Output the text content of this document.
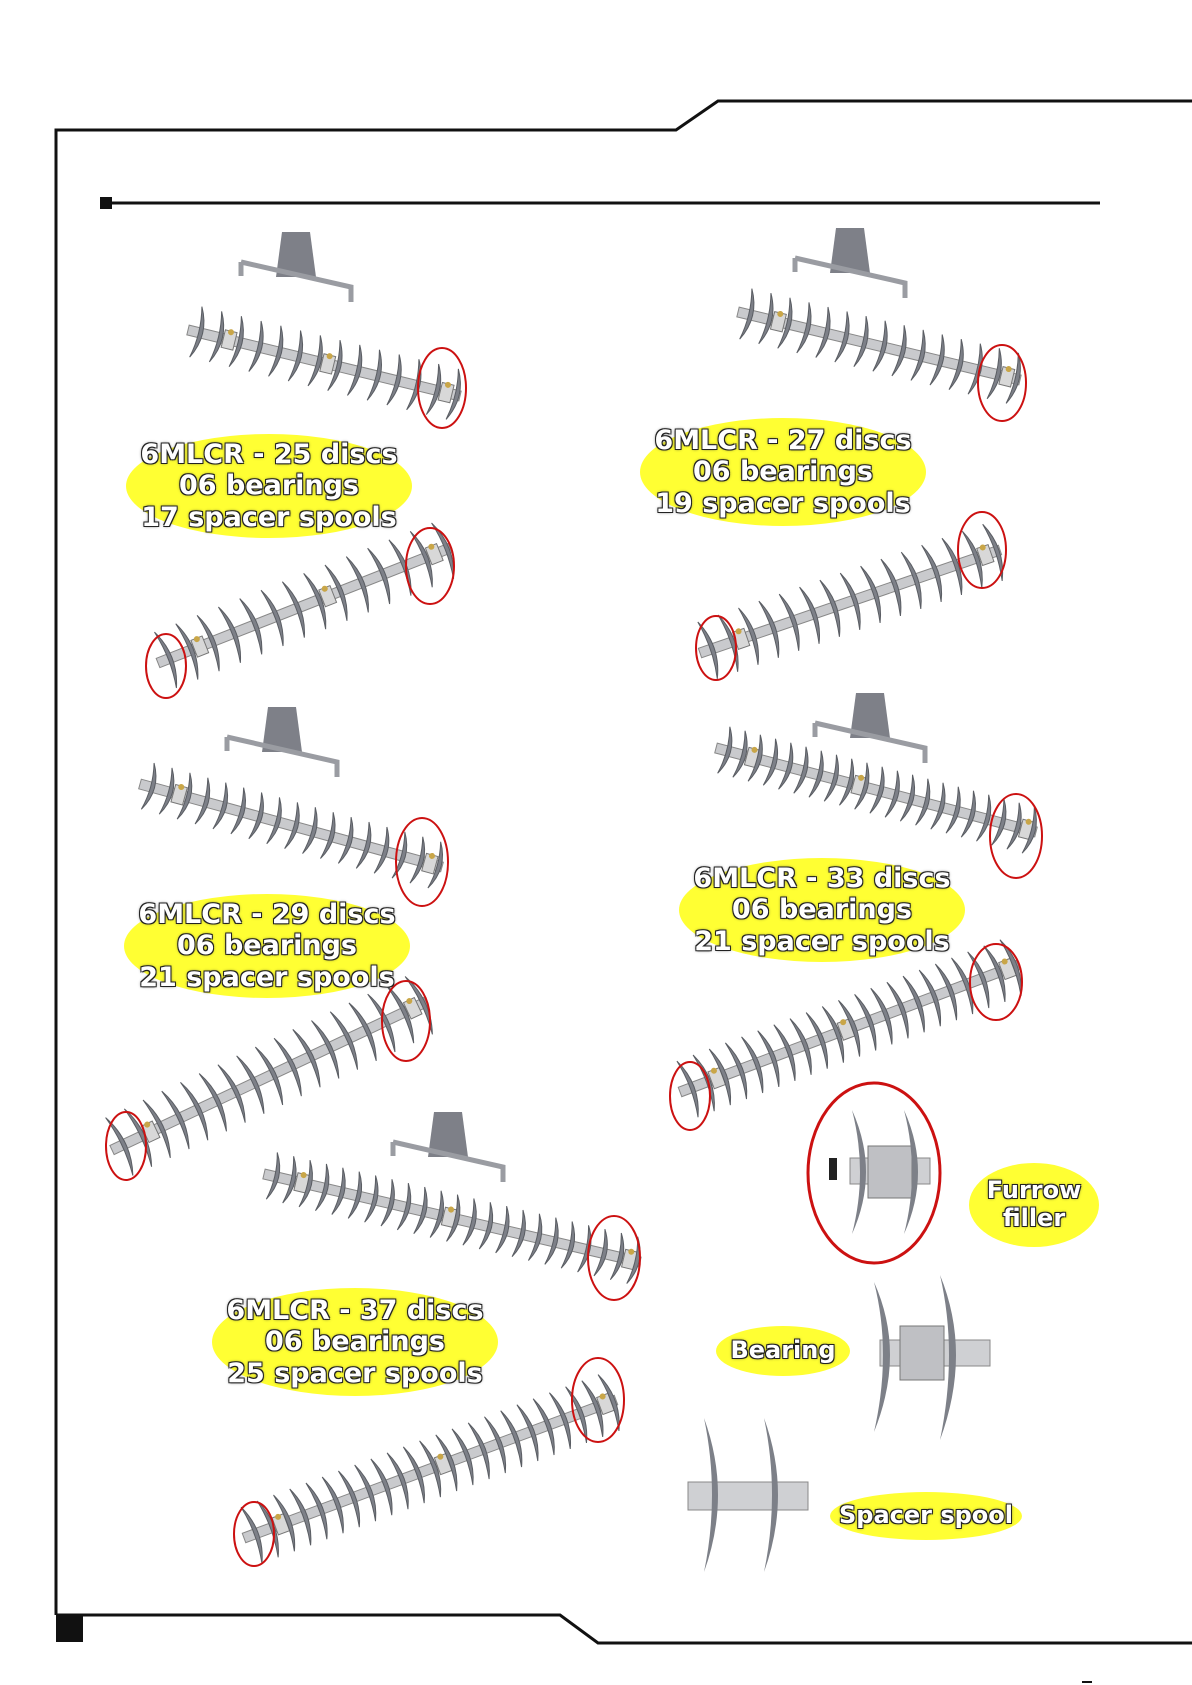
6MLCR - 25 discs
06 bearings
17 spacer spools
6MLCR - 27 discs
06 bearings
19 spacer spools
6MLCR - 29 discs
06 bearings
21 spacer spools
6MLCR - 33 discs
06 bearings
21 spacer spools
6MLCR - 37 discs
06 bearings
25 spacer spools
Furrow
filler
Bearing
Spacer spool
